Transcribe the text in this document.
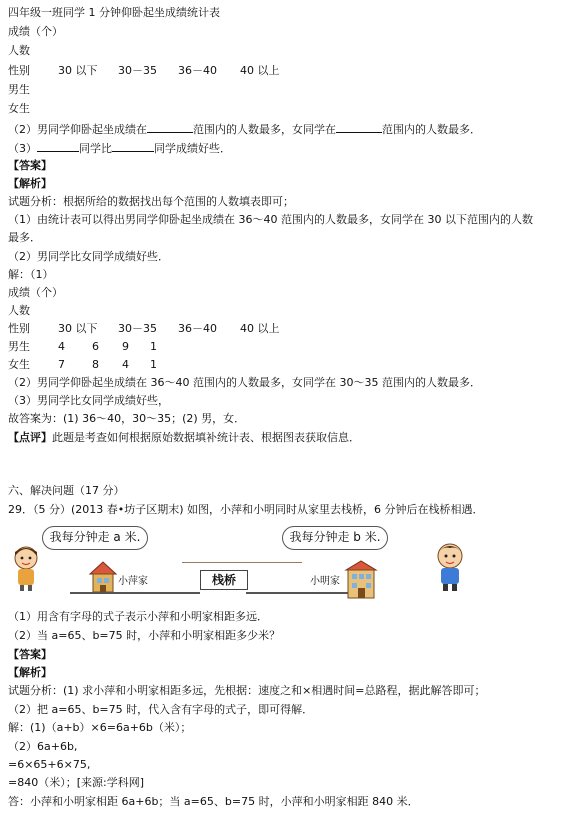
四年级一班同学 1 分钟仰卧起坐成绩统计表
成绩（个）
人数
性别	30 以下 30－35 36－40 40 以上
男生
女生
（2）男同学仰卧起坐成绩在	范围内的人数最多，女同学在	范围内的人数最多．
（3）	同学比	同学成绩好些．
【答案】
【解析】
试题分析：根据所给的数据找出每个范围的人数填表即可；
（1）由统计表可以得出男同学仰卧起坐成绩在 36～40 范围内的人数最多，女同学在 30 以下范围内的人数
最多．
（2）男同学比女同学成绩好些．
解：（1）
成绩（个）
人数
性别	30 以下 30－35 36－40 40 以上
男生	4 6 9 1
女生	7 8 4 1
（2）男同学仰卧起坐成绩在 36～40 范围内的人数最多，女同学在 30～35 范围内的人数最多．
（3）男同学比女同学成绩好些，
故答案为：(1) 36～40，30～35；(2) 男，女．
【点评】此题是考查如何根据原始数据填补统计表、根据图表获取信息．
六、解决问题（17 分）
29．（5 分）(2013 春•坊子区期末) 如图，小萍和小明同时从家里去栈桥，6 分钟后在栈桥相遇．
我每分钟走 a 米.
小萍家	栈桥
我每分钟走 b 米.
小明家
（1）用含有字母的式子表示小萍和小明家相距多远．
（2）当 a=65、b=75 时，小萍和小明家相距多少米？
【答案】
【解析】
试题分析：(1) 求小萍和小明家相距多远，先根据：速度之和×相遇时间=总路程，据此解答即可；
（2）把 a=65、b=75 时，代入含有字母的式子，即可得解．
解：(1)（a+b）×6=6a+6b（米）；
（2）6a+6b,
=6×65+6×75,
=840（米）；[来源:学科网]
答：小萍和小明家相距 6a+6b；当 a=65、b=75 时，小萍和小明家相距 840 米．
